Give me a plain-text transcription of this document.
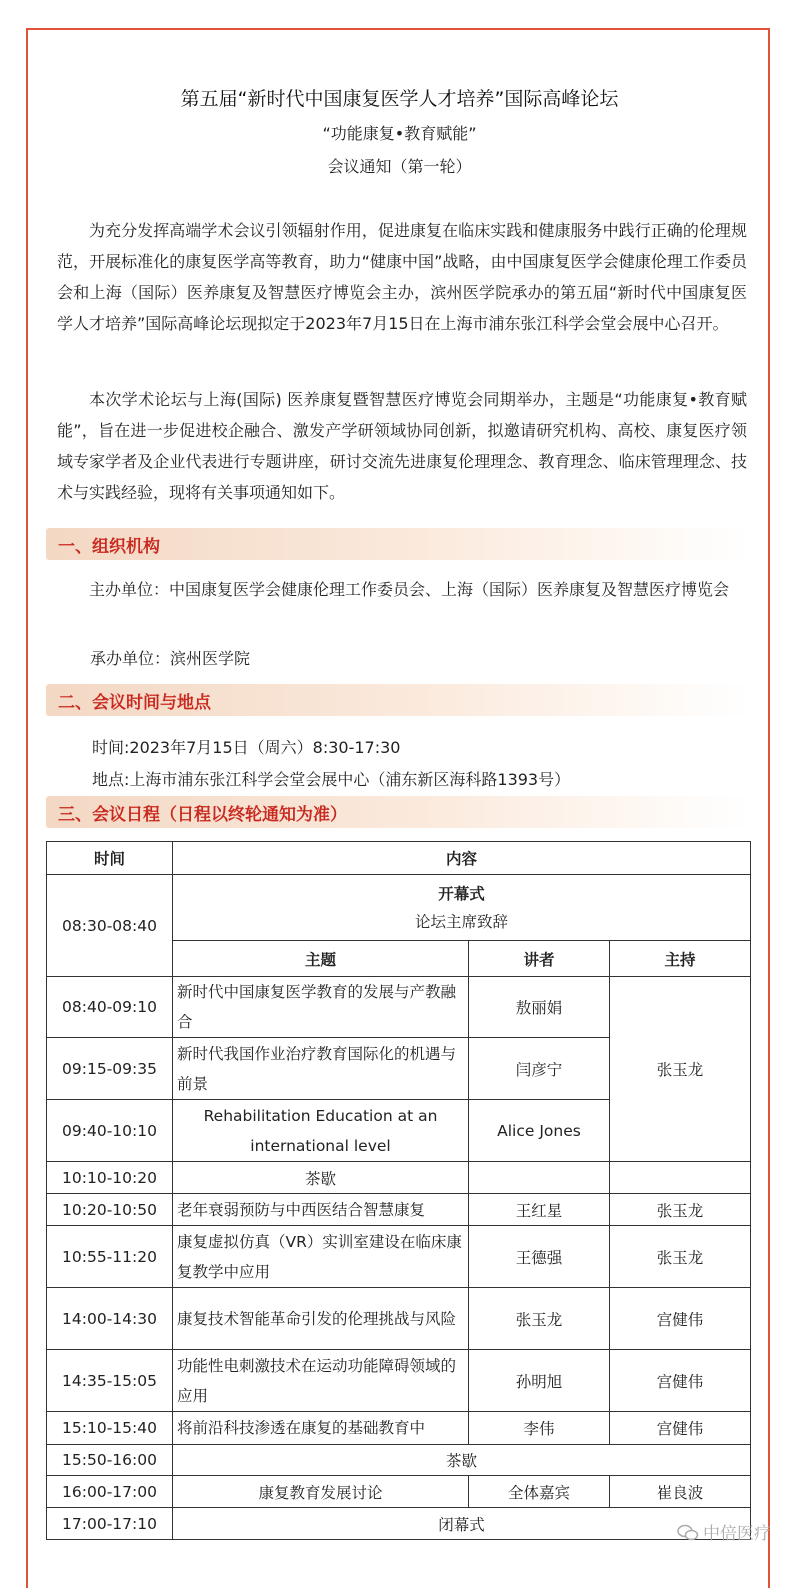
第五届“新时代中国康复医学人才培养”国际高峰论坛
“功能康复•教育赋能”
会议通知（第一轮）

为充分发挥高端学术会议引领辐射作用，促进康复在临床实践和健康服务中践行正确的伦理规范，开展标准化的康复医学高等教育，助力“健康中国”战略，由中国康复医学会健康伦理工作委员会和上海（国际）医养康复及智慧医疗博览会主办，滨州医学院承办的第五届“新时代中国康复医学人才培养”国际高峰论坛现拟定于2023年7月15日在上海市浦东张江科学会堂会展中心召开。

本次学术论坛与上海(国际) 医养康复暨智慧医疗博览会同期举办，主题是“功能康复•教育赋能”，旨在进一步促进校企融合、激发产学研领域协同创新，拟邀请研究机构、高校、康复医疗领域专家学者及企业代表进行专题讲座，研讨交流先进康复伦理理念、教育理念、临床管理理念、技术与实践经验，现将有关事项通知如下。

一、组织机构

主办单位：中国康复医学会健康伦理工作委员会、上海（国际）医养康复及智慧医疗博览会

承办单位：滨州医学院
二、会议时间与地点
时间:2023年7月15日（周六）8:30-17:30
地点:上海市浦东张江科学会堂会展中心（浦东新区海科路1393号）
三、会议日程（日程以终轮通知为准）
时间	内容		
08:30-08:40	开幕式
论坛主席致辞		

	主题	讲者	主持
08:40-09:10	新时代中国康复医学教育的发展与产教融合	敖丽娟	张玉龙
09:15-09:35	新时代我国作业治疗教育国际化的机遇与前景	闫彦宁	
09:40-10:10	Rehabilitation Education at an international level	Alice Jones	
10:10-10:20	茶歇		
10:20-10:50	老年衰弱预防与中西医结合智慧康复	王红星	张玉龙
10:55-11:20	康复虚拟仿真（VR）实训室建设在临床康复教学中应用	王德强	张玉龙
14:00-14:30	康复技术智能革命引发的伦理挑战与风险	张玉龙	宫健伟
14:35-15:05	功能性电刺激技术在运动功能障碍领域的应用	孙明旭	宫健伟
15:10-15:40	将前沿科技渗透在康复的基础教育中	李伟	宫健伟
15:50-16:00	茶歇		
16:00-17:00	康复教育发展讨论	全体嘉宾	崔良波
17:00-17:10	闭幕式			中倍医疗
